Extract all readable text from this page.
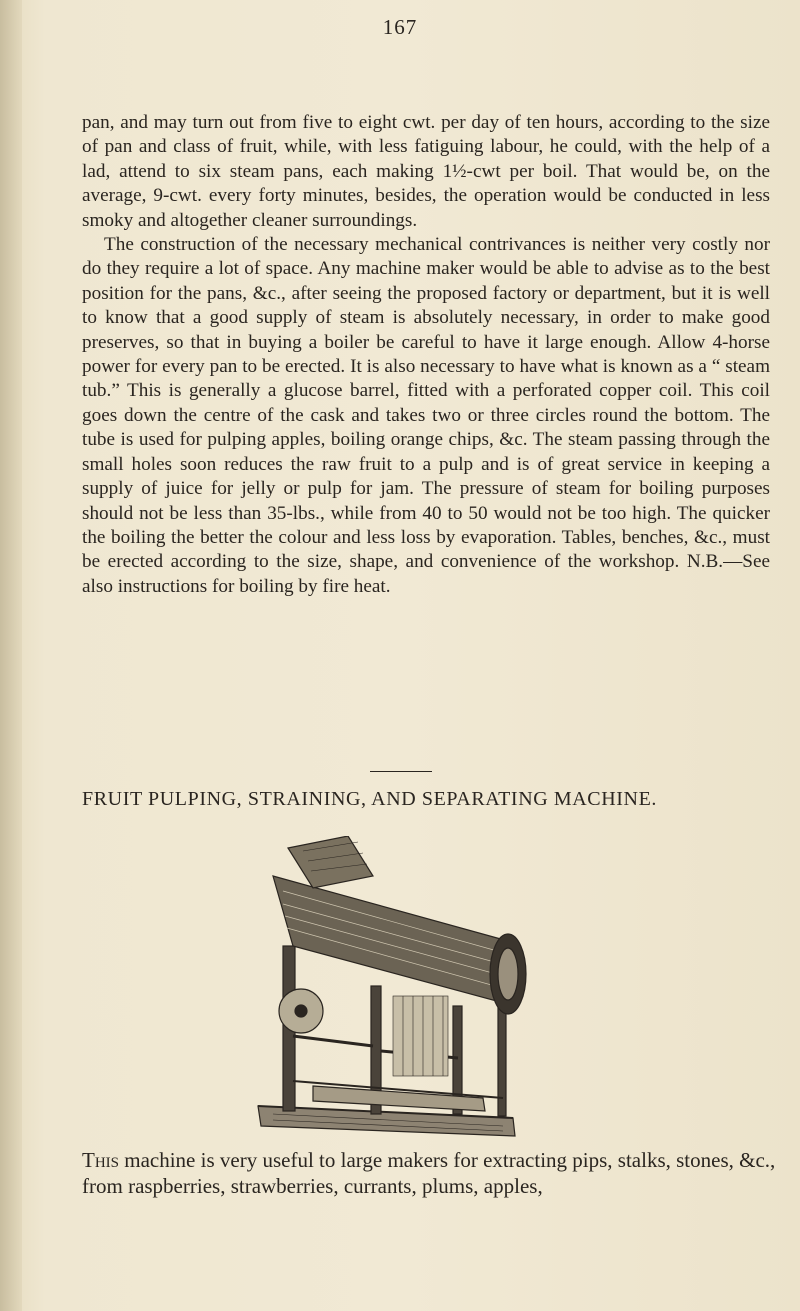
167

pan, and may turn out from five to eight cwt. per day of ten hours, according to the size of pan and class of fruit, while, with less fatiguing labour, he could, with the help of a lad, attend to six steam pans, each making 1½-cwt per boil. That would be, on the average, 9-cwt. every forty minutes, besides, the operation would be conducted in less smoky and altogether cleaner surroundings.

The construction of the necessary mechanical contrivances is neither very costly nor do they require a lot of space. Any machine maker would be able to advise as to the best position for the pans, &c., after seeing the proposed factory or department, but it is well to know that a good supply of steam is absolutely necessary, in order to make good preserves, so that in buying a boiler be careful to have it large enough. Allow 4-horse power for every pan to be erected. It is also necessary to have what is known as a “ steam tub.” This is generally a glucose barrel, fitted with a perforated copper coil. This coil goes down the centre of the cask and takes two or three circles round the bottom. The tube is used for pulping apples, boiling orange chips, &c. The steam passing through the small holes soon reduces the raw fruit to a pulp and is of great service in keeping a supply of juice for jelly or pulp for jam. The pressure of steam for boiling purposes should not be less than 35-lbs., while from 40 to 50 would not be too high. The quicker the boiling the better the colour and less loss by evaporation. Tables, benches, &c., must be erected according to the size, shape, and convenience of the workshop. N.B.—See also instructions for boiling by fire heat.

FRUIT PULPING, STRAINING, AND SEPARATING MACHINE.
This machine is very useful to large makers for extracting pips, stalks, stones, &c., from raspberries, strawberries, currants, plums, apples,
